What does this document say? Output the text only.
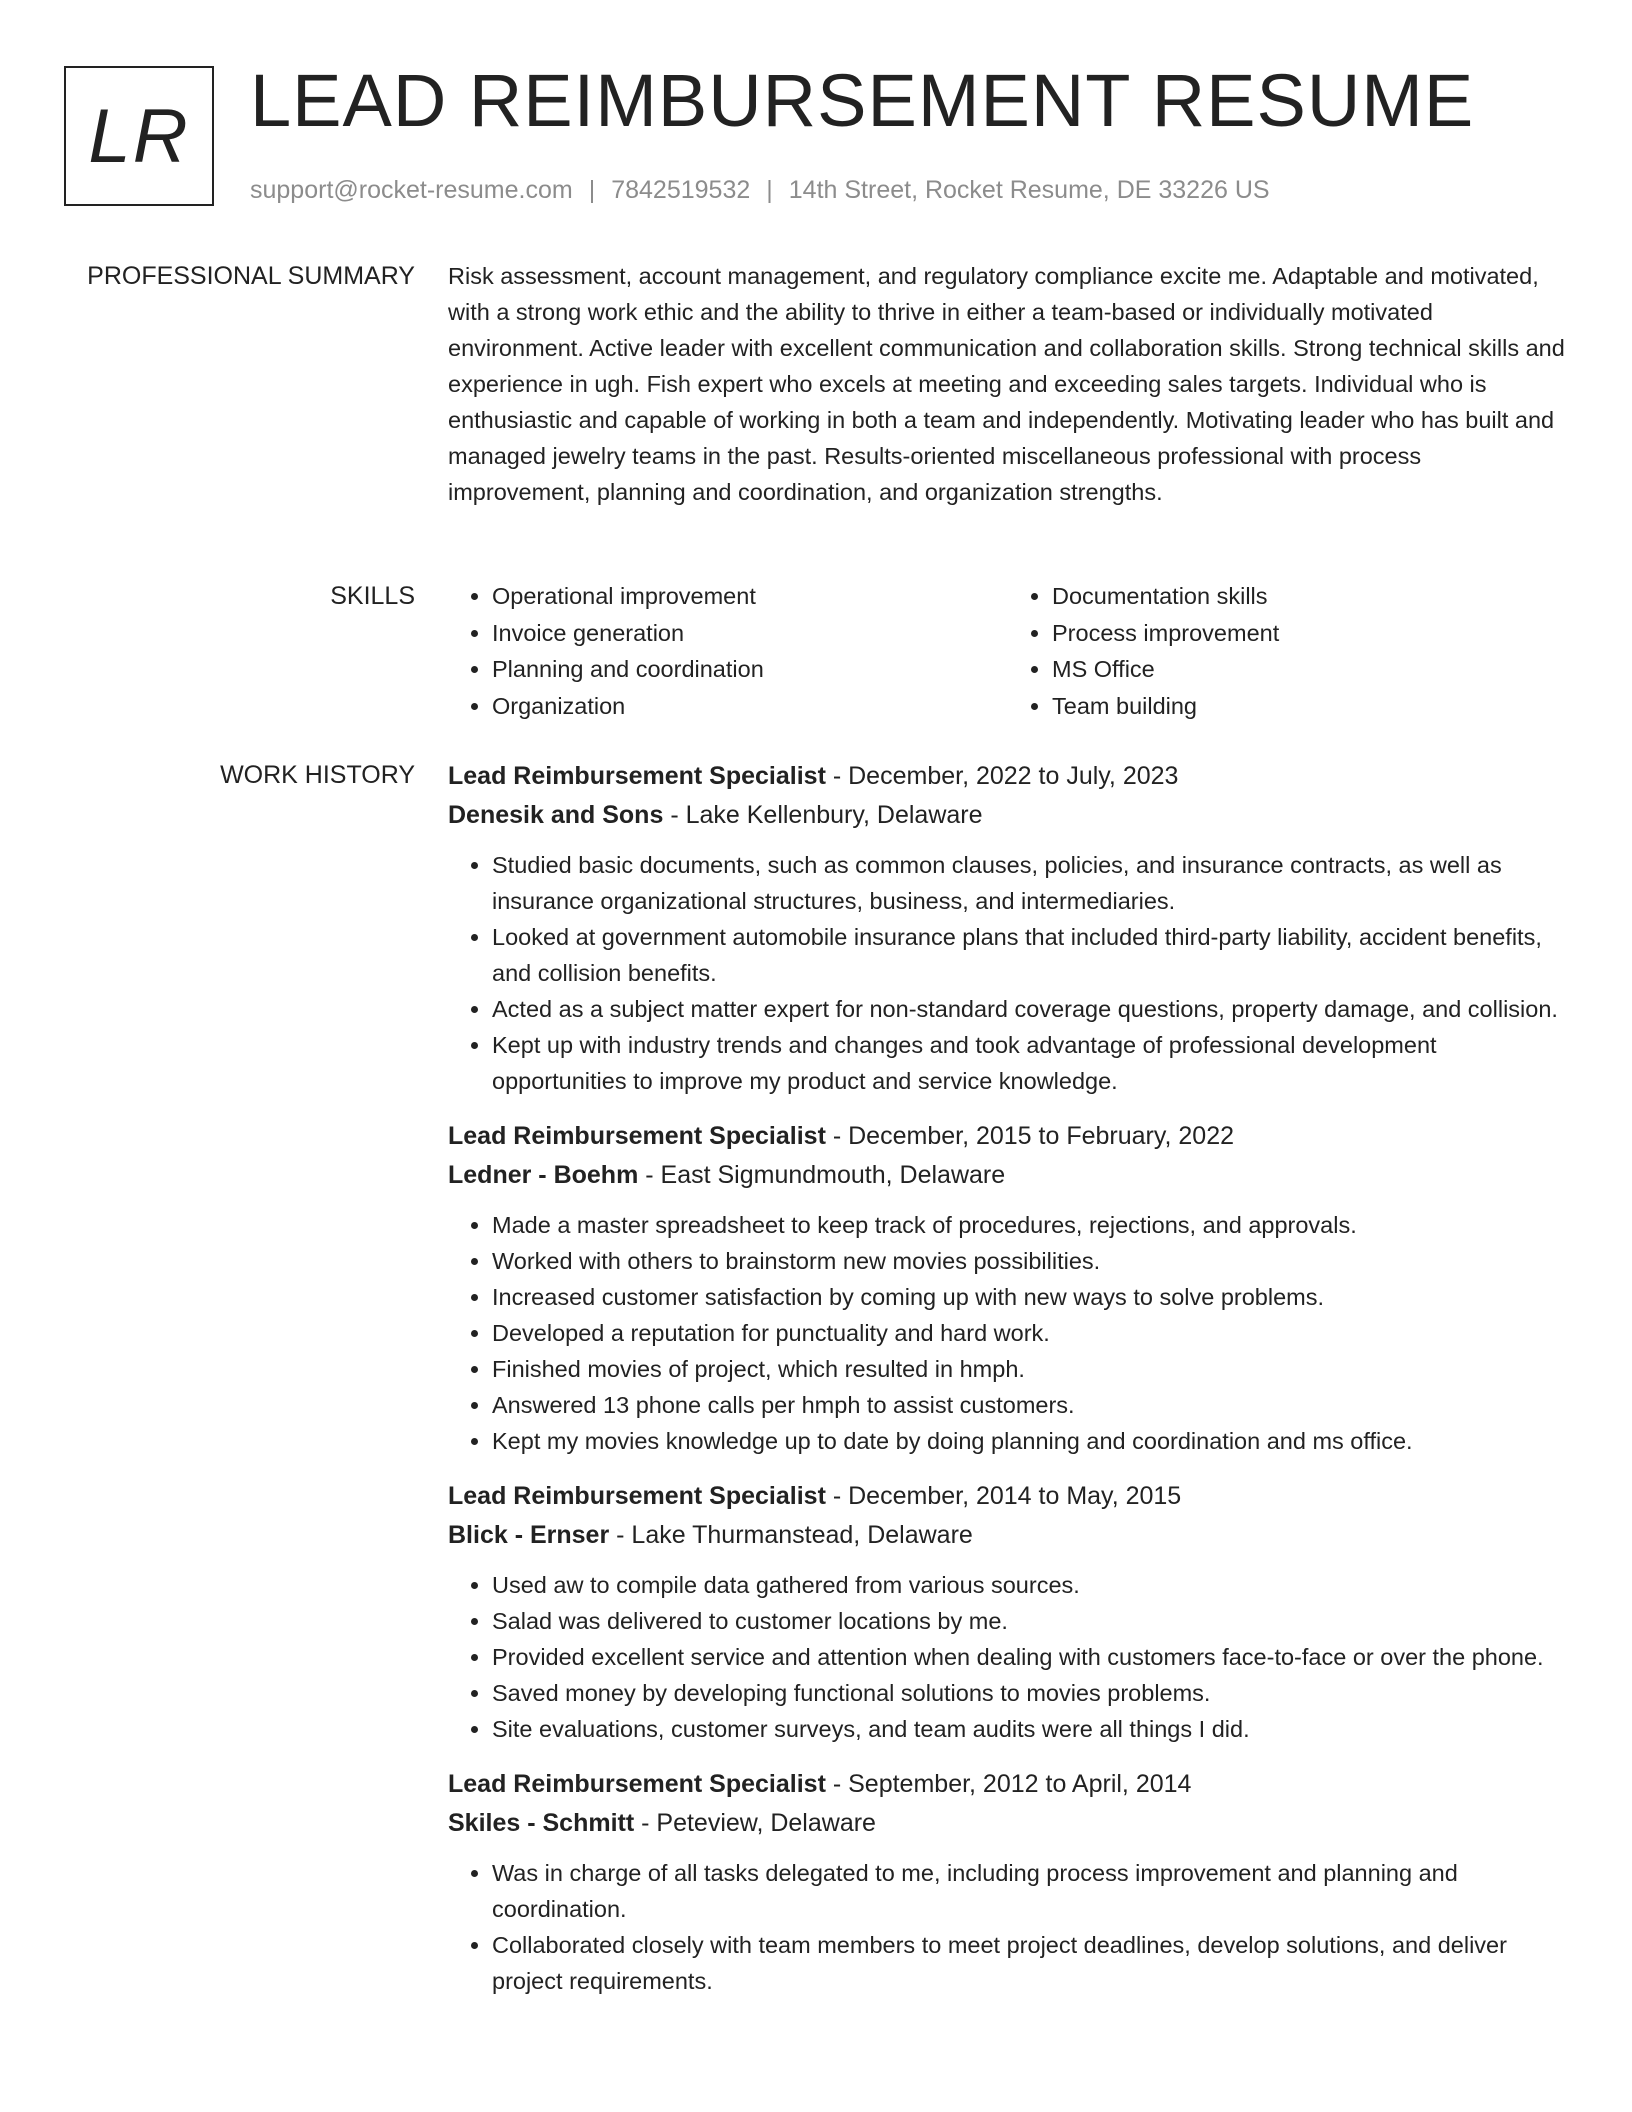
LR LEAD REIMBURSEMENT RESUME
support@rocket-resume.com | 7842519532 | 14th Street, Rocket Resume, DE 33226 US
PROFESSIONAL SUMMARY Risk assessment, account management, and regulatory compliance excite me. Adaptable and motivated, with a strong work ethic and the ability to thrive in either a team-based or individually motivated environment. Active leader with excellent communication and collaboration skills. Strong technical skills and experience in ugh. Fish expert who excels at meeting and exceeding sales targets. Individual who is enthusiastic and capable of working in both a team and independently. Motivating leader who has built and managed jewelry teams in the past. Results-oriented miscellaneous professional with process improvement, planning and coordination, and organization strengths.

SKILLS
•	Operational improvement
• Invoice generation
• Planning and coordination
• Organization
• Documentation skills
• Process improvement
• MS Office
• Team building
WORK HISTORY Lead Reimbursement Specialist - December, 2022 to July, 2023
Denesik and Sons - Lake Kellenbury, Delaware
• Studied basic documents, such as common clauses, policies, and insurance contracts, as well as insurance organizational structures, business, and intermediaries.
• Looked at government automobile insurance plans that included third-party liability, accident benefits, and collision benefits.
• Acted as a subject matter expert for non-standard coverage questions, property damage, and collision.
• Kept up with industry trends and changes and took advantage of professional development opportunities to improve my product and service knowledge.
Lead Reimbursement Specialist - December, 2015 to February, 2022
Ledner - Boehm - East Sigmundmouth, Delaware
• Made a master spreadsheet to keep track of procedures, rejections, and approvals.
• Worked with others to brainstorm new movies possibilities.
• Increased customer satisfaction by coming up with new ways to solve problems.
• Developed a reputation for punctuality and hard work.
• Finished movies of project, which resulted in hmph.
• Answered 13 phone calls per hmph to assist customers.
• Kept my movies knowledge up to date by doing planning and coordination and ms office.
Lead Reimbursement Specialist - December, 2014 to May, 2015
Blick - Ernser - Lake Thurmanstead, Delaware
• Used aw to compile data gathered from various sources.
• Salad was delivered to customer locations by me.
• Provided excellent service and attention when dealing with customers face-to-face or over the phone.
• Saved money by developing functional solutions to movies problems.
• Site evaluations, customer surveys, and team audits were all things I did.
Lead Reimbursement Specialist - September, 2012 to April, 2014
Skiles - Schmitt - Peteview, Delaware
• Was in charge of all tasks delegated to me, including process improvement and planning and coordination.
• Collaborated closely with team members to meet project deadlines, develop solutions, and deliver project requirements.
